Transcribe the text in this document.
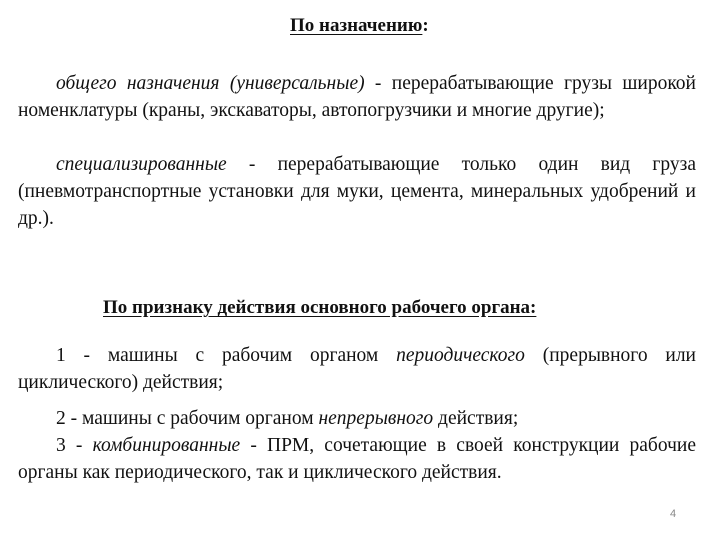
По назначению:
общего назначения (универсальные) - перерабатывающие грузы широкой номенклатуры (краны, экскаваторы, автопогрузчики и многие другие);
специализированные - перерабатывающие только один вид груза (пневмотранспортные установки для муки, цемента, минеральных удобрений и др.).
По признаку действия основного рабочего органа:
1 - машины с рабочим органом периодического (прерывного или циклического) действия;
2 - машины с рабочим органом непрерывного действия;
3 - комбинированные - ПРМ, сочетающие в своей конструкции рабочие органы как периодического, так и циклического действия.
4
